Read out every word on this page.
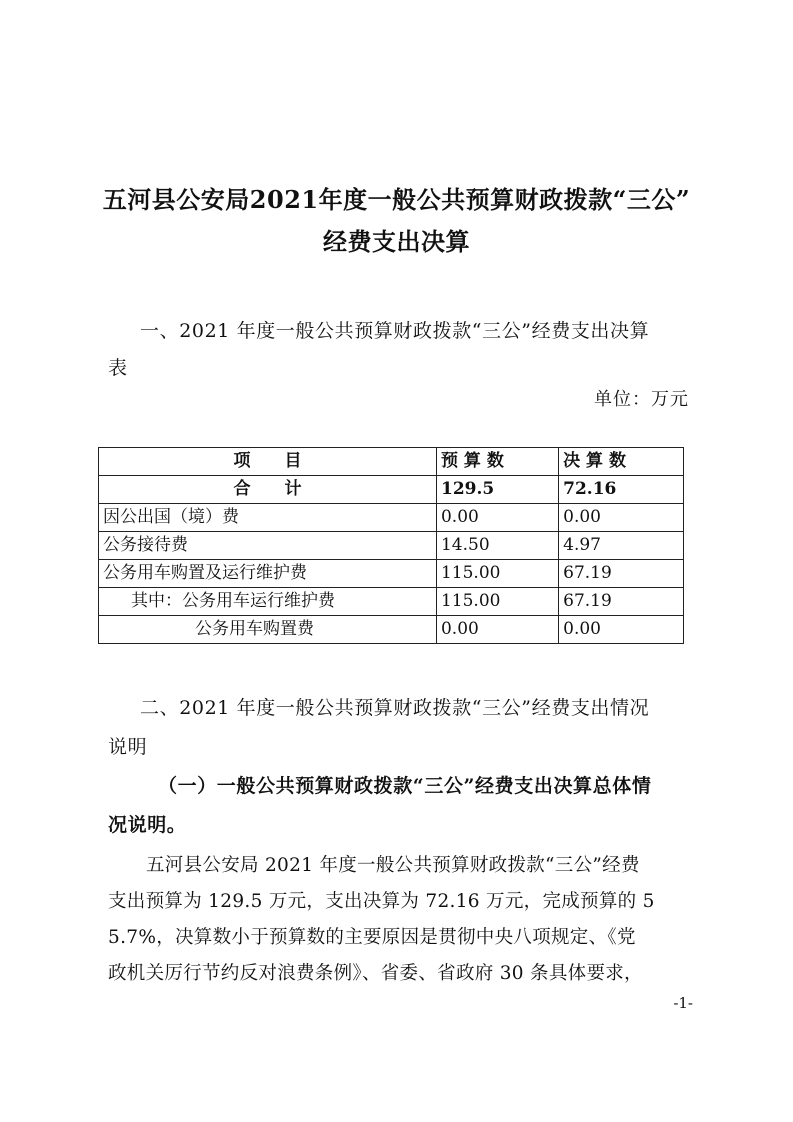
五河县公安局2021年度一般公共预算财政拨款“三公”
经费支出决算
一、2021 年度一般公共预算财政拨款“三公”经费支出决算
表
单位：万元
项　　目	预 算 数	决 算 数
合　　计	129.5	72.16
因公出国（境）费	0.00	0.00
公务接待费	14.50	4.97
公务用车购置及运行维护费	115.00	67.19
其中：公务用车运行维护费	115.00	67.19
公务用车购置费	0.00	0.00
二、2021 年度一般公共预算财政拨款“三公”经费支出情况
说明
（一）一般公共预算财政拨款“三公”经费支出决算总体情
况说明。
五河县公安局 2021 年度一般公共预算财政拨款“三公”经费
支出预算为 129.5 万元，支出决算为 72.16 万元，完成预算的 5
5.7%，决算数小于预算数的主要原因是贯彻中央八项规定、《党
政机关厉行节约反对浪费条例》、省委、省政府 30 条具体要求，
-1-
